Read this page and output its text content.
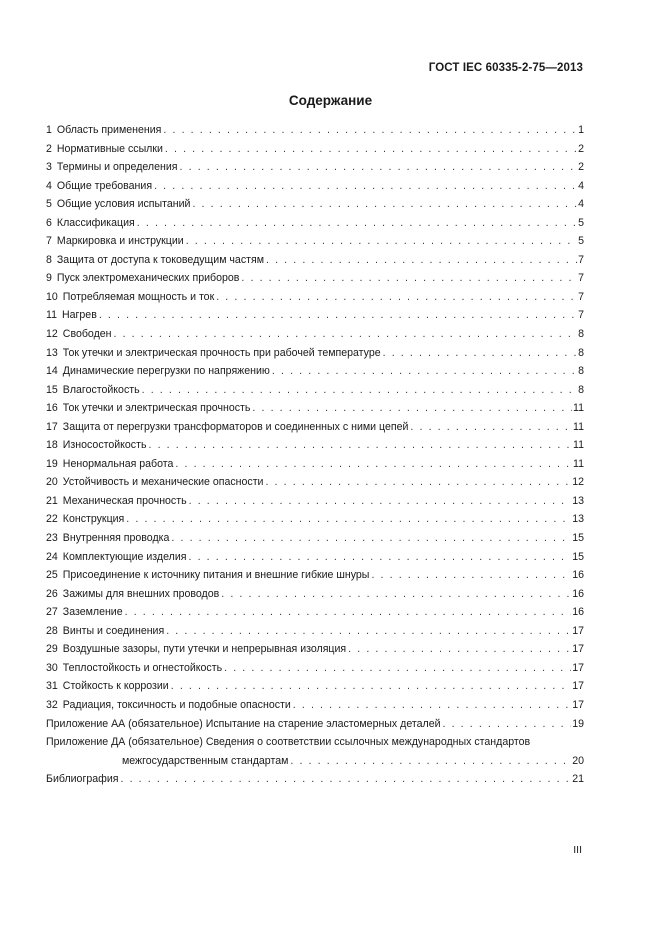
ГОСТ IEC 60335-2-75—2013
Содержание
1 Область применения . . .	1
2 Нормативные ссылки . . .	2
3 Термины и определения . . .	2
4 Общие требования . . .	4
5 Общие условия испытаний . . .	4
6 Классификация . . .	5
7 Маркировка и инструкции . . .	5
8 Защита от доступа к токоведущим частям . . .	7
9 Пуск электромеханических приборов . . .	7
10 Потребляемая мощность и ток . . .	7
11 Нагрев . . .	7
12 Свободен . . .	8
13 Ток утечки и электрическая прочность при рабочей температуре . . .	8
14 Динамические перегрузки по напряжению . . .	8
15 Влагостойкость . . .	8
16 Ток утечки и электрическая прочность . . .	11
17 Защита от перегрузки трансформаторов и соединенных с ними цепей . . .	11
18 Износостойкость . . .	11
19 Ненормальная работа . . .	11
20 Устойчивость и механические опасности . . .	12
21 Механическая прочность . . .	13
22 Конструкция . . .	13
23 Внутренняя проводка . . .	15
24 Комплектующие изделия . . .	15
25 Присоединение к источнику питания и внешние гибкие шнуры . . .	16
26 Зажимы для внешних проводов . . .	16
27 Заземление . . .	16
28 Винты и соединения . . .	17
29 Воздушные зазоры, пути утечки и непрерывная изоляция . . .	17
30 Теплостойкость и огнестойкость . . .	17
31 Стойкость к коррозии . . .	17
32 Радиация, токсичность и подобные опасности . . .	17
Приложение АА (обязательное) Испытание на старение эластомерных деталей . . .	19
Приложение ДА (обязательное) Сведения о соответствии ссылочных международных стандартов
межгосударственным стандартам . . .	20
Библиография . . .	21
III
